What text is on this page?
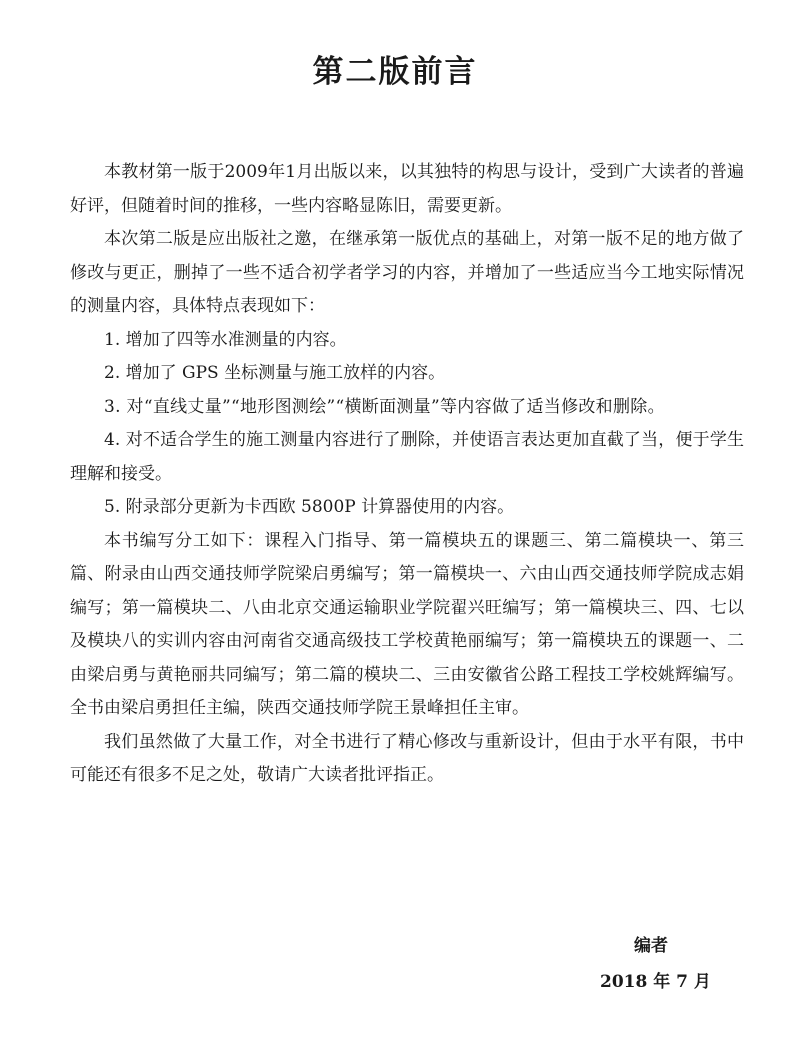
第二版前言

本教材第一版于2009年1月出版以来，以其独特的构思与设计，受到广大读者的普遍好评，但随着时间的推移，一些内容略显陈旧，需要更新。

本次第二版是应出版社之邀，在继承第一版优点的基础上，对第一版不足的地方做了修改与更正，删掉了一些不适合初学者学习的内容，并增加了一些适应当今工地实际情况的测量内容，具体特点表现如下：

1. 增加了四等水准测量的内容。

2. 增加了 GPS 坐标测量与施工放样的内容。

3. 对“直线丈量”“地形图测绘”“横断面测量”等内容做了适当修改和删除。

4. 对不适合学生的施工测量内容进行了删除，并使语言表达更加直截了当，便于学生理解和接受。

5. 附录部分更新为卡西欧 5800P 计算器使用的内容。

本书编写分工如下：课程入门指导、第一篇模块五的课题三、第二篇模块一、第三篇、附录由山西交通技师学院梁启勇编写；第一篇模块一、六由山西交通技师学院成志娟编写；第一篇模块二、八由北京交通运输职业学院翟兴旺编写；第一篇模块三、四、七以及模块八的实训内容由河南省交通高级技工学校黄艳丽编写；第一篇模块五的课题一、二由梁启勇与黄艳丽共同编写；第二篇的模块二、三由安徽省公路工程技工学校姚辉编写。全书由梁启勇担任主编，陕西交通技师学院王景峰担任主审。

我们虽然做了大量工作，对全书进行了精心修改与重新设计，但由于水平有限，书中可能还有很多不足之处，敬请广大读者批评指正。

编者
2018 年 7 月
